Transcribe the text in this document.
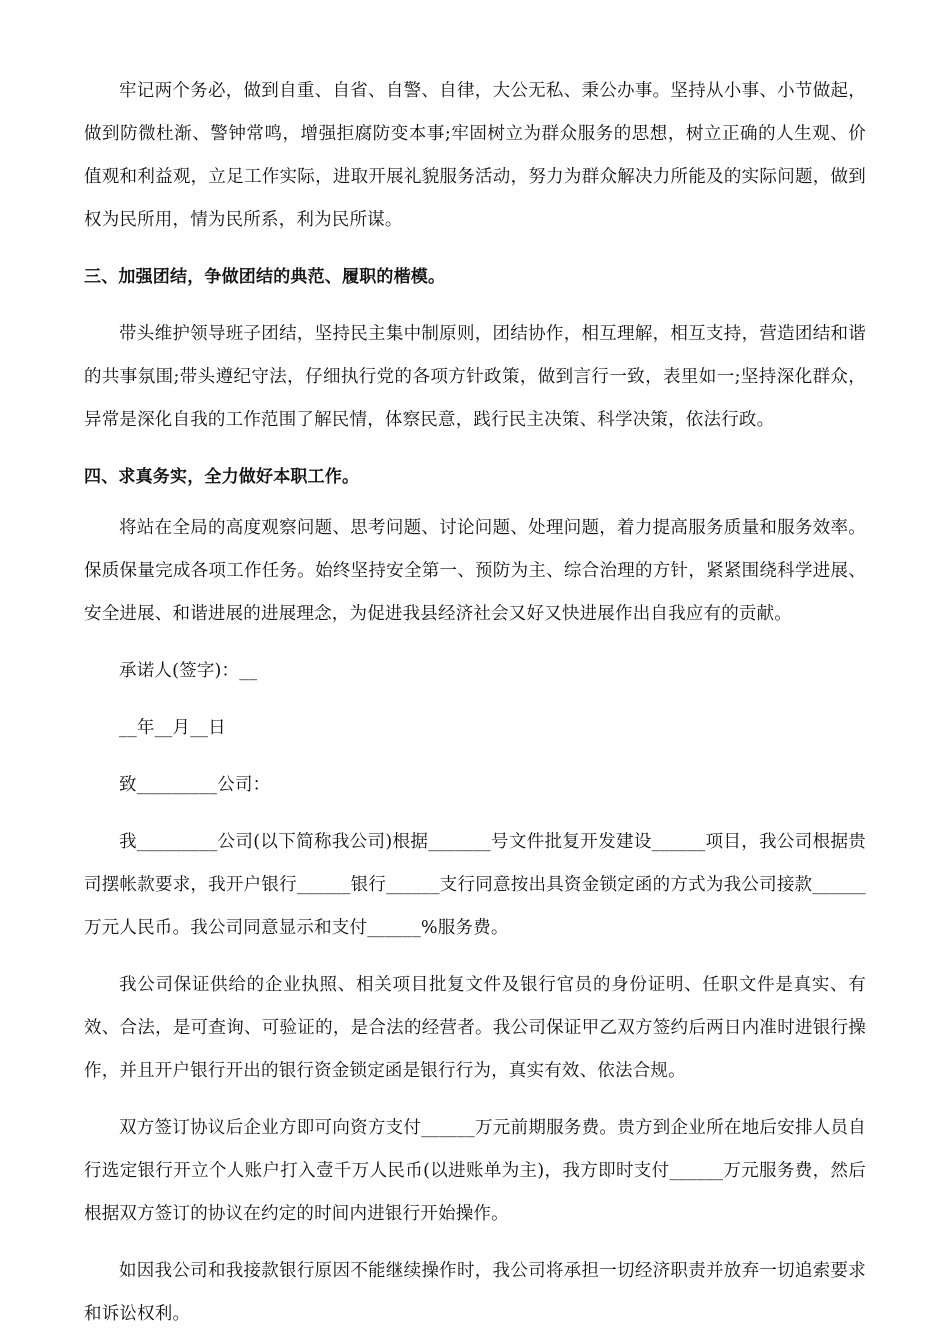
牢记两个务必，做到自重、自省、自警、自律，大公无私、秉公办事。坚持从小事、小节做起，做到防微杜渐、警钟常鸣，增强拒腐防变本事;牢固树立为群众服务的思想，树立正确的人生观、价值观和利益观，立足工作实际，进取开展礼貌服务活动，努力为群众解决力所能及的实际问题，做到权为民所用，情为民所系，利为民所谋。

三、加强团结，争做团结的典范、履职的楷模。

带头维护领导班子团结，坚持民主集中制原则，团结协作，相互理解，相互支持，营造团结和谐的共事氛围;带头遵纪守法，仔细执行党的各项方针政策，做到言行一致，表里如一;坚持深化群众，异常是深化自我的工作范围了解民情，体察民意，践行民主决策、科学决策，依法行政。

四、求真务实，全力做好本职工作。

将站在全局的高度观察问题、思考问题、讨论问题、处理问题，着力提高服务质量和服务效率。保质保量完成各项工作任务。始终坚持安全第一、预防为主、综合治理的方针，紧紧围绕科学进展、安全进展、和谐进展的进展理念，为促进我县经济社会又好又快进展作出自我应有的贡献。

承诺人(签字)：__

__年__月__日

致_________公司：

我_________公司(以下简称我公司)根据_______号文件批复开发建设______项目，我公司根据贵司摆帐款要求，我开户银行______银行______支行同意按出具资金锁定函的方式为我公司接款______万元人民币。我公司同意显示和支付______%服务费。

我公司保证供给的企业执照、相关项目批复文件及银行官员的身份证明、任职文件是真实、有效、合法，是可查询、可验证的，是合法的经营者。我公司保证甲乙双方签约后两日内准时进银行操作，并且开户银行开出的银行资金锁定函是银行行为，真实有效、依法合规。

双方签订协议后企业方即可向资方支付______万元前期服务费。贵方到企业所在地后安排人员自行选定银行开立个人账户打入壹千万人民币(以进账单为主)，我方即时支付______万元服务费，然后根据双方签订的协议在约定的时间内进银行开始操作。

如因我公司和我接款银行原因不能继续操作时，我公司将承担一切经济职责并放弃一切追索要求和诉讼权利。
